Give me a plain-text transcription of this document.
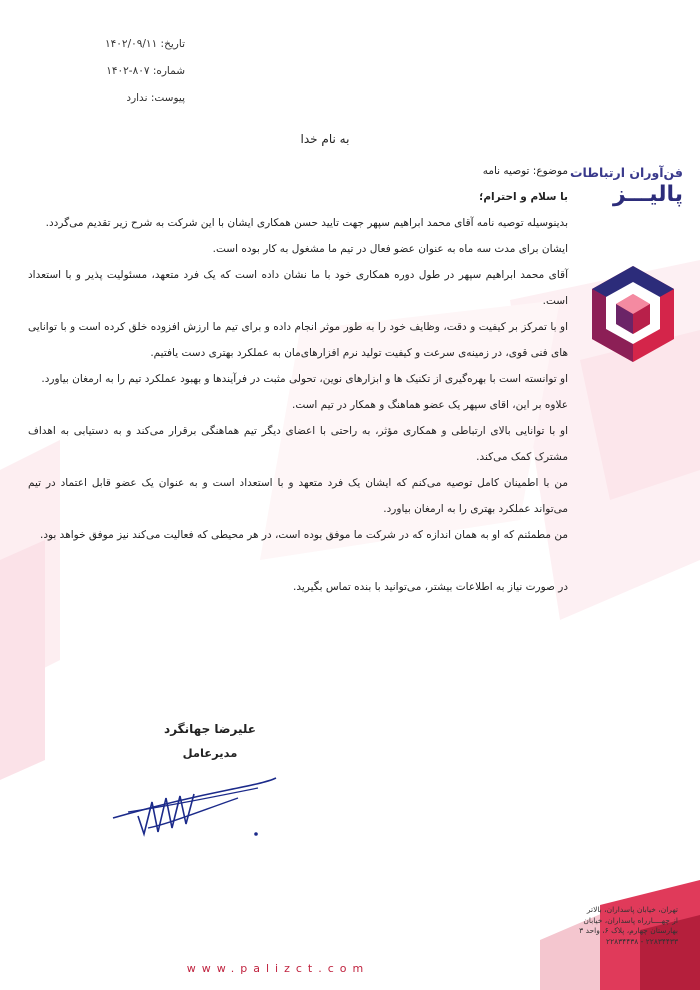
تاریخ: ۱۴۰۲/۰۹/۱۱
شماره: ۸۰۷-۱۴۰۲
پیوست: ندارد
به نام خدا

موضوع: توصیه نامه

با سلام و احترام؛

بدینوسیله توصیه نامه آقای محمد ابراهیم سپهر جهت تایید حسن همکاری ایشان با این شرکت به شرح زیر تقدیم می‌گردد.

ایشان برای مدت سه ماه به عنوان عضو فعال در تیم ما مشغول به کار بوده است.

آقای محمد ابراهیم سپهر در طول دوره همکاری خود با ما نشان داده است که یک فرد متعهد، مسئولیت پذیر و با استعداد است.

او با تمرکز بر کیفیت و دقت، وظایف خود را به طور موثر انجام داده و برای تیم ما ارزش افزوده خلق کرده است و با توانایی های فنی قوی، در زمینه‌ی سرعت و کیفیت تولید نرم افزارهای‌مان به عملکرد بهتری دست یافتیم.

او توانسته است با بهره‌گیری از تکنیک ها و ابزارهای نوین، تحولی مثبت در فرآیندها و بهبود عملکرد تیم را به ارمغان بیاورد.

علاوه بر این، اقای سپهر یک عضو هماهنگ و همکار در تیم است.

او با توانایی بالای ارتباطی و همکاری مؤثر، به راحتی با اعضای دیگر تیم هماهنگی برقرار می‌کند و به دستیابی به اهداف مشترک کمک می‌کند.

من با اطمینان کامل توصیه می‌کنم که ایشان یک فرد متعهد و با استعداد است و به عنوان یک عضو قابل اعتماد در تیم می‌تواند عملکرد بهتری را به ارمغان بیاورد.

من مطمئنم که او به همان اندازه که در شرکت ما موفق بوده است، در هر محیطی که فعالیت می‌کند نیز موفق خواهد بود.

در صورت نیاز به اطلاعات بیشتر، می‌توانید با بنده تماس بگیرید.

علیرضا جهانگرد
مدیرعامل
فن‌آوران ارتباطات
پالیـــز
تهران، خیابان پاسداران، بالاتر
از چهــــارراه پاسداران، خیابان
بهارستان چهارم، پلاک ۶، واحد ۳
۲۲۸۳۴۴۳۳ - ۲۲۸۳۴۴۳۸
www.palizct.com
